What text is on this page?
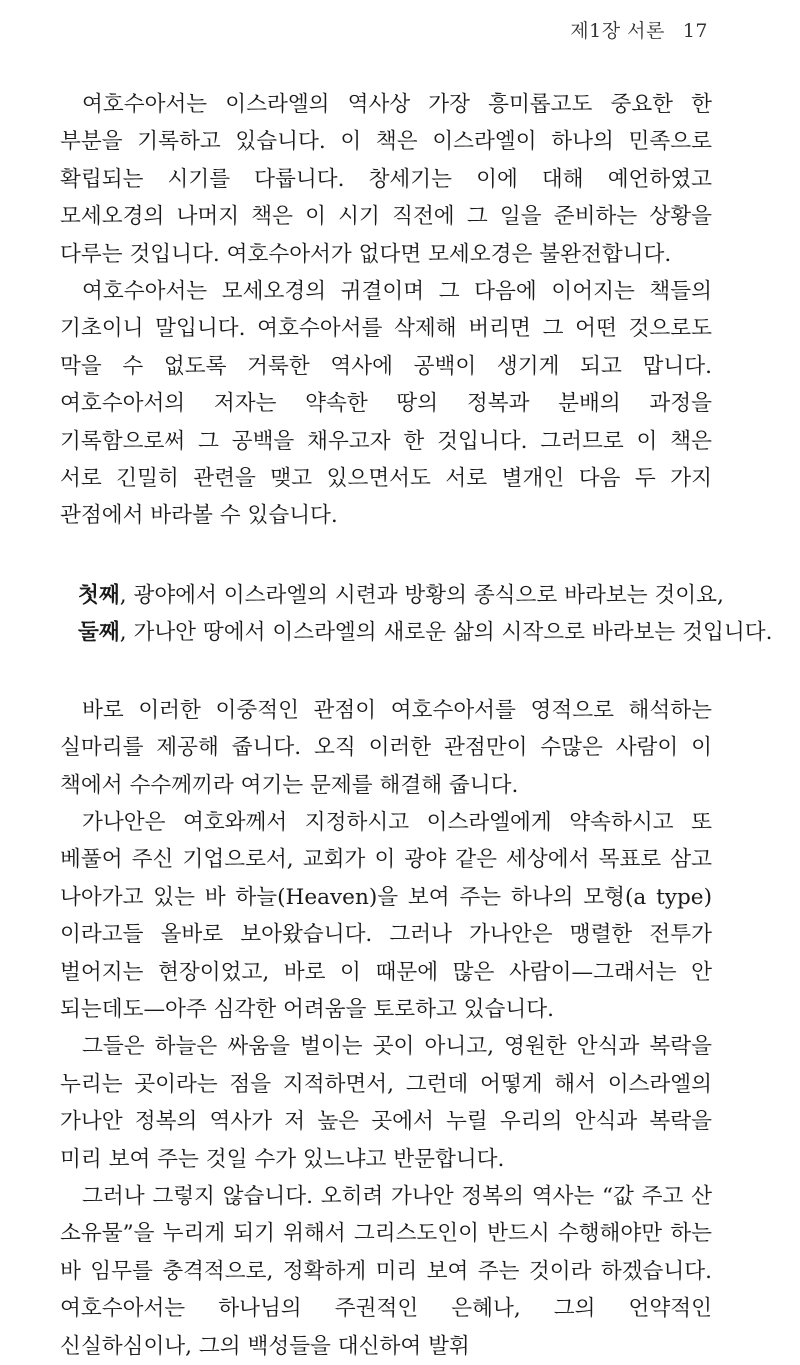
제1장 서론 17

여호수아서는 이스라엘의 역사상 가장 흥미롭고도 중요한 한 부분을 기록하고 있습니다. 이 책은 이스라엘이 하나의 민족으로 확립되는 시기를 다룹니다. 창세기는 이에 대해 예언하였고 모세오경의 나머지 책은 이 시기 직전에 그 일을 준비하는 상황을 다루는 것입니다. 여호수아서가 없다면 모세오경은 불완전합니다.

여호수아서는 모세오경의 귀결이며 그 다음에 이어지는 책들의 기초이니 말입니다. 여호수아서를 삭제해 버리면 그 어떤 것으로도 막을 수 없도록 거룩한 역사에 공백이 생기게 되고 맙니다. 여호수아서의 저자는 약속한 땅의 정복과 분배의 과정을 기록함으로써 그 공백을 채우고자 한 것입니다. 그러므로 이 책은 서로 긴밀히 관련을 맺고 있으면서도 서로 별개인 다음 두 가지 관점에서 바라볼 수 있습니다.

첫째, 광야에서 이스라엘의 시련과 방황의 종식으로 바라보는 것이요,
둘째, 가나안 땅에서 이스라엘의 새로운 삶의 시작으로 바라보는 것입니다.

바로 이러한 이중적인 관점이 여호수아서를 영적으로 해석하는 실마리를 제공해 줍니다. 오직 이러한 관점만이 수많은 사람이 이 책에서 수수께끼라 여기는 문제를 해결해 줍니다.

가나안은 여호와께서 지정하시고 이스라엘에게 약속하시고 또 베풀어 주신 기업으로서, 교회가 이 광야 같은 세상에서 목표로 삼고 나아가고 있는 바 하늘(Heaven)을 보여 주는 하나의 모형(a type)이라고들 올바로 보아왔습니다. 그러나 가나안은 맹렬한 전투가 벌어지는 현장이었고, 바로 이 때문에 많은 사람이—그래서는 안 되는데도—아주 심각한 어려움을 토로하고 있습니다.

그들은 하늘은 싸움을 벌이는 곳이 아니고, 영원한 안식과 복락을 누리는 곳이라는 점을 지적하면서, 그런데 어떻게 해서 이스라엘의 가나안 정복의 역사가 저 높은 곳에서 누릴 우리의 안식과 복락을 미리 보여 주는 것일 수가 있느냐고 반문합니다.

그러나 그렇지 않습니다. 오히려 가나안 정복의 역사는 “값 주고 산 소유물”을 누리게 되기 위해서 그리스도인이 반드시 수행해야만 하는 바 임무를 충격적으로, 정확하게 미리 보여 주는 것이라 하겠습니다. 여호수아서는 하나님의 주권적인 은혜나, 그의 언약적인 신실하심이나, 그의 백성들을 대신하여 발휘
